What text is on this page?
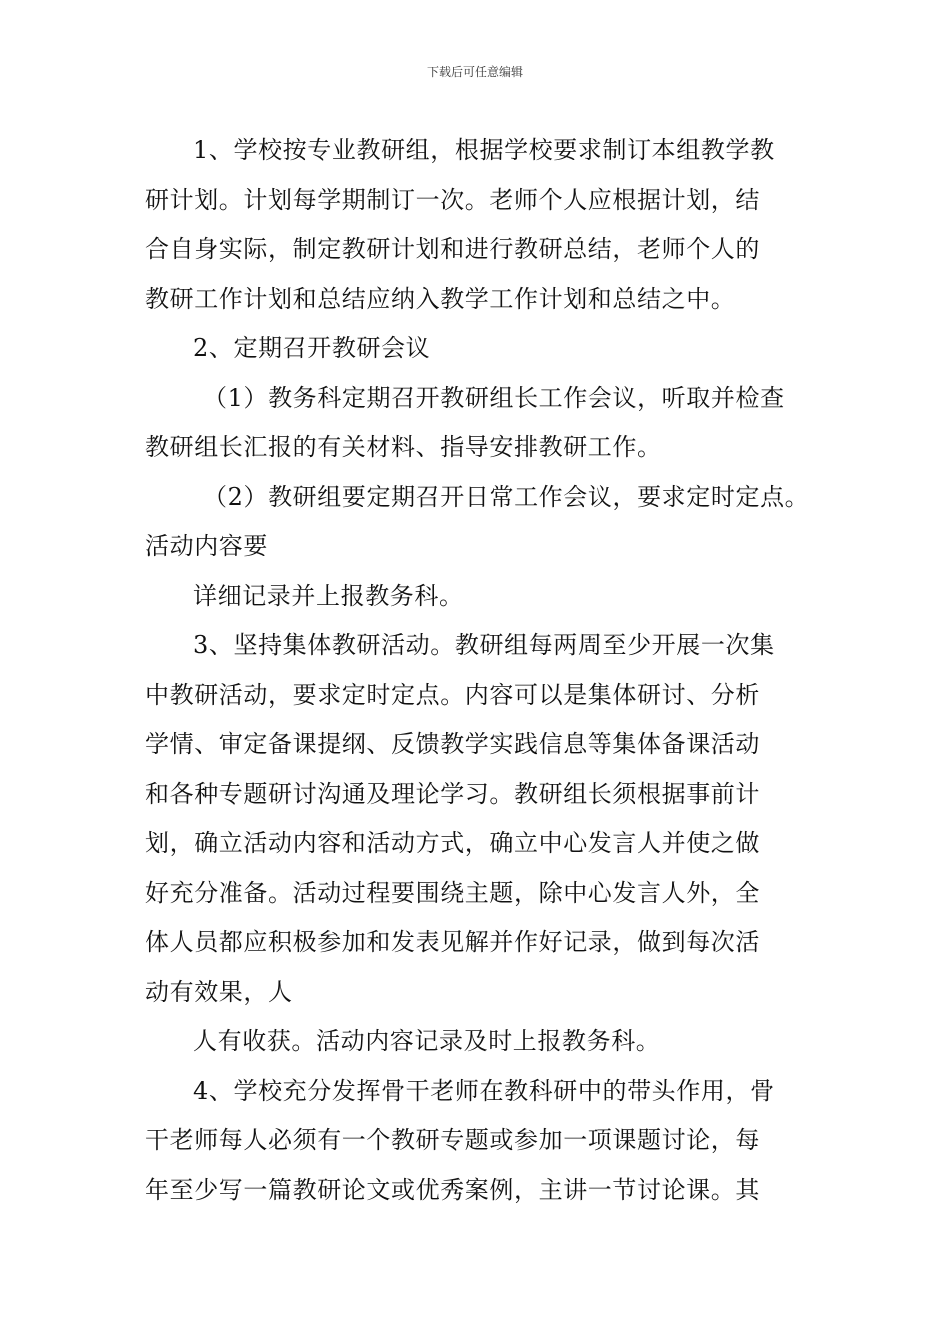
下载后可任意编辑
1、学校按专业教研组，根据学校要求制订本组教学教
研计划。计划每学期制订一次。老师个人应根据计划，结
合自身实际，制定教研计划和进行教研总结，老师个人的
教研工作计划和总结应纳入教学工作计划和总结之中。
2、定期召开教研会议
（1）教务科定期召开教研组长工作会议，听取并检查
教研组长汇报的有关材料、指导安排教研工作。
（2）教研组要定期召开日常工作会议，要求定时定点。
活动内容要
详细记录并上报教务科。
3、坚持集体教研活动。教研组每两周至少开展一次集
中教研活动，要求定时定点。内容可以是集体研讨、分析
学情、审定备课提纲、反馈教学实践信息等集体备课活动
和各种专题研讨沟通及理论学习。教研组长须根据事前计
划，确立活动内容和活动方式，确立中心发言人并使之做
好充分准备。活动过程要围绕主题，除中心发言人外，全
体人员都应积极参加和发表见解并作好记录，做到每次活
动有效果，人
人有收获。活动内容记录及时上报教务科。
4、学校充分发挥骨干老师在教科研中的带头作用，骨
干老师每人必须有一个教研专题或参加一项课题讨论，每
年至少写一篇教研论文或优秀案例，主讲一节讨论课。其
